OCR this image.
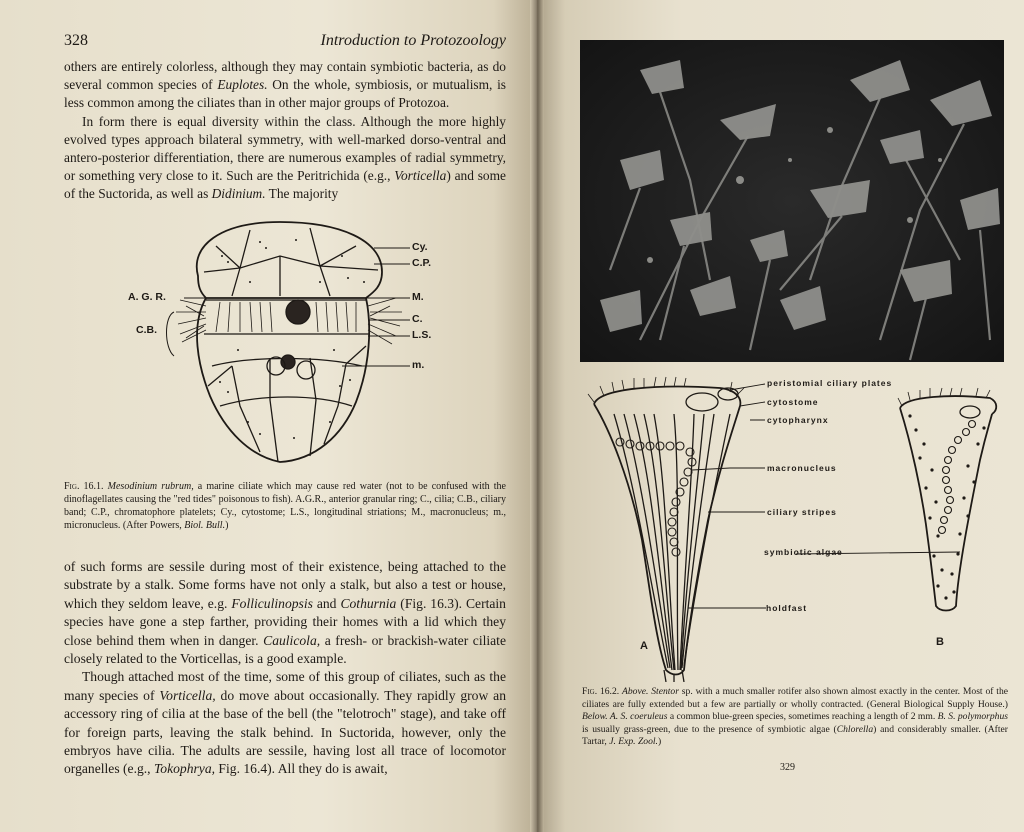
328	Introduction to Protozoology

others are entirely colorless, although they may contain symbiotic bacteria, as do several common species of Euplotes. On the whole, symbiosis, or mutualism, is less common among the ciliates than in other major groups of Protozoa.

In form there is equal diversity within the class. Although the more highly evolved types approach bilateral symmetry, with well-marked dorso-ventral and antero-posterior differentiation, there are numerous examples of radial symmetry, or something very close to it. Such are the Peritrichida (e.g., Vorticella) and some of the Suctorida, as well as Didinium. The majority

Cy.
C.P.
A. G. R.	M.
C.B.
C.
L.S.
m.
Fig. 16.1. Mesodinium rubrum, a marine ciliate which may cause red water (not to be confused with the dinoflagellates causing the "red tides" poisonous to fish). A.G.R., anterior granular ring; C., cilia; C.B., ciliary band; C.P., chromatophore platelets; Cy., cytostome; L.S., longitudinal striations; M., macronucleus; m., micronucleus. (After Powers, Biol. Bull.)

of such forms are sessile during most of their existence, being attached to the substrate by a stalk. Some forms have not only a stalk, but also a test or house, which they seldom leave, e.g. Folliculinopsis and Cothurnia (Fig. 16.3). Certain species have gone a step farther, providing their homes with a lid which they close behind them when in danger. Caulicola, a fresh- or brackish-water ciliate closely related to the Vorticellas, is a good example.

Though attached most of the time, some of this group of ciliates, such as the many species of Vorticella, do move about occasionally. They rapidly grow an accessory ring of cilia at the base of the bell (the "telotroch" stage), and take off for foreign parts, leaving the stalk behind. In Suctorida, however, only the embryos have cilia. The adults are sessile, having lost all trace of locomotor organelles (e.g., Tokophrya, Fig. 16.4). All they do is await,

peristomial ciliary plates
cytostome
cytopharynx
macronucleus
ciliary stripes
symbiotic algae
holdfast
A	B
Fig. 16.2. Above. Stentor sp. with a much smaller rotifer also shown almost exactly in the center. Most of the ciliates are fully extended but a few are partially or wholly contracted. (General Biological Supply House.) Below. A. S. coeruleus a common blue-green species, sometimes reaching a length of 2 mm. B. S. polymorphus is usually grass-green, due to the presence of symbiotic algae (Chlorella) and considerably smaller. (After Tartar, J. Exp. Zool.)
329
